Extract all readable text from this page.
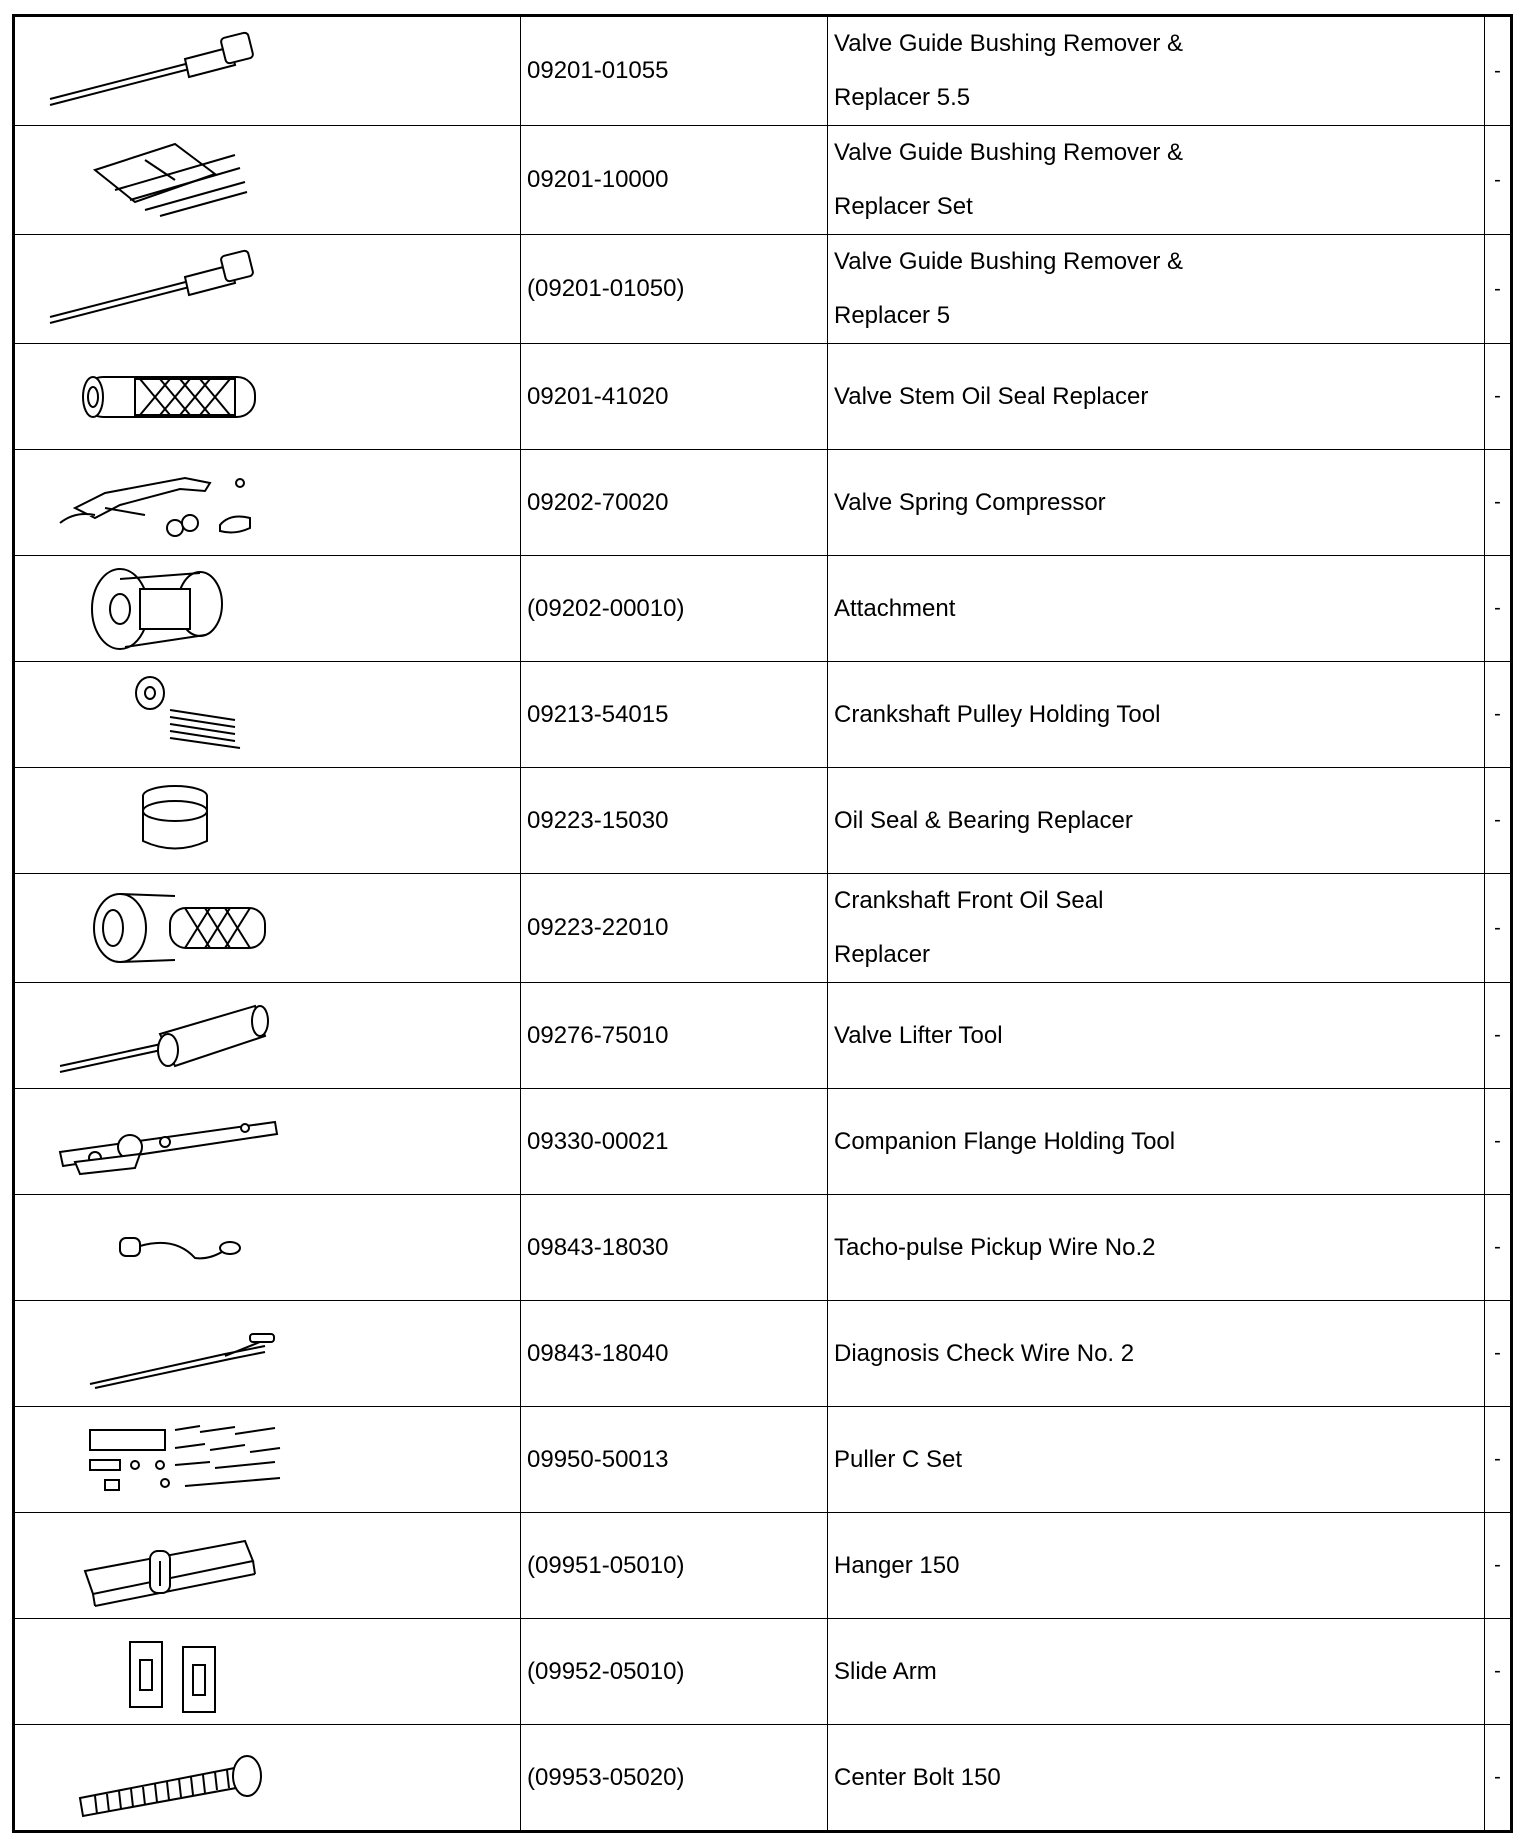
	09201-01055	Valve Guide Bushing Remover &
Replacer 5.5	-

	09201-10000	Valve Guide Bushing Remover &
Replacer Set	-

	(09201-01050)	Valve Guide Bushing Remover &
Replacer 5	-

	09201-41020	Valve Stem Oil Seal Replacer	-

	09202-70020	Valve Spring Compressor	-

	(09202-00010)	Attachment	-

	09213-54015	Crankshaft Pulley Holding Tool	-

	09223-15030	Oil Seal & Bearing Replacer	-

	09223-22010	Crankshaft Front Oil Seal
Replacer	-

	09276-75010	Valve Lifter Tool	-

	09330-00021	Companion Flange Holding Tool	-

	09843-18030	Tacho-pulse Pickup Wire No.2	-

	09843-18040	Diagnosis Check Wire No. 2	-

	09950-50013	Puller C Set	-

	(09951-05010)	Hanger 150	-

	(09952-05010)	Slide Arm	-

	(09953-05020)	Center Bolt 150	-
